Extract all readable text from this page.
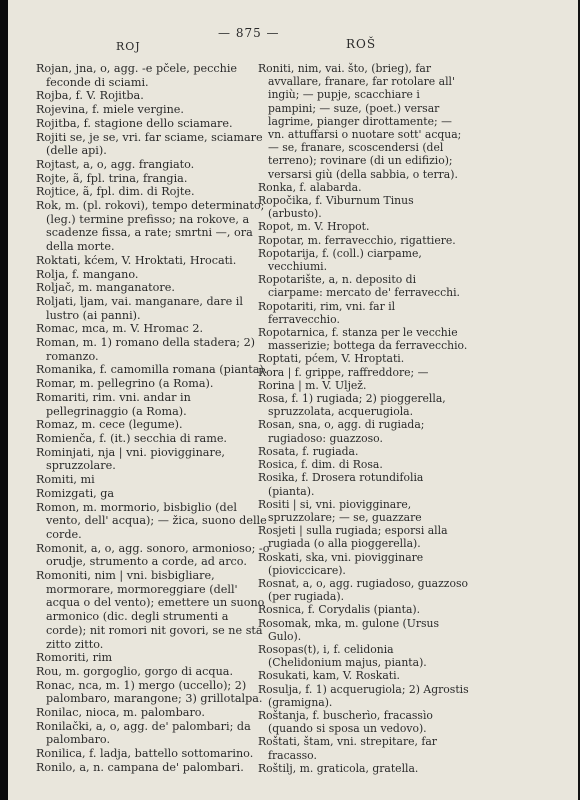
ROJ
— 875 —
ROŠ

Rojan, jna, o, agg. -e pčele, pecchie feconde di sciami.

Rojba, f. V. Rojitba.

Rojevina, f. miele vergine.

Rojitba, f. stagione dello sciamare.

Rojiti se, je se, vri. far sciame, sciamare (delle api).

Rojtast, a, o, agg. frangiato.

Rojte, ã, fpl. trina, frangia.

Rojtice, ã, fpl. dim. di Rojte.

Rok, m. (pl. rokovi), tempo determinato; (leg.) termine prefisso; na rokove, a scadenze fissa, a rate; smrtni —, ora della morte.

Roktati, kćem, V. Hroktati, Hrocati.

Rolja, f. mangano.

Roljač, m. manganatore.

Roljati, ljam, vai. manganare, dare il lustro (ai panni).

Romac, mca, m. V. Hromac 2.

Roman, m. 1) romano della stadera; 2) romanzo.

Romanika, f. camomilla romana (pianta).

Romar, m. pellegrino (a Roma).

Romariti, rim. vni. andar in pellegrinaggio (a Roma).

Romaz, m. cece (legume).

Romienča, f. (it.) secchia di rame.

Rominjati, nja | vni. piovigginare, spruzzolare.

Romiti, mi

Romizgati, ga

Romon, m. mormorio, bisbiglio (del vento, dell' acqua); — žica, suono delle corde.

Romonit, a, o, agg. sonoro, armonioso; -o orudje, strumento a corde, ad arco.

Romoniti, nim | vni. bisbigliare, mormorare, mormoreggiare (dell' acqua o del vento); emettere un suono armonico (dic. degli strumenti a corde); nit romori nit govori, se ne sta zitto zitto.

Romoriti, rim

Rou, m. gorgoglio, gorgo di acqua.

Ronac, nca, m. 1) mergo (uccello); 2) palombaro, marangone; 3) grillotalpa.

Ronilac, nioca, m. palombaro.

Ronilački, a, o, agg. de' palombari; da palombaro.

Ronilica, f. ladja, battello sottomarino.

Ronilo, a, n. campana de' palombari.

Roniti, nim, vai. što, (brieg), far avvallare, franare, far rotolare all' ingiù; — pupje, scacchiare i pampini; — suze, (poet.) versar lagrime, pianger dirottamente; — vn. attuffarsi o nuotare sott' acqua; — se, franare, scoscendersi (del terreno); rovinare (di un edifizio); versarsi giù (della sabbia, o terra).

Ronka, f. alabarda.

Ropočika, f. Viburnum Tinus (arbusto).

Ropot, m. V. Hropot.

Ropotar, m. ferravecchio, rigattiere.

Ropotarija, f. (coll.) ciarpame, vecchiumi.

Ropotarište, a, n. deposito di ciarpame: mercato de' ferravecchi.

Ropotariti, rim, vni. far il ferravecchio.

Ropotarnica, f. stanza per le vecchie masserizie; bottega da ferravecchio.

Roptati, pćem, V. Hroptati.

Rora | f. grippe, raffreddore; —

Rorina | m. V. Uljež.

Rosa, f. 1) rugiada; 2) pioggerella, spruzzolata, acquerugiola.

Rosan, sna, o, agg. di rugiada; rugiadoso: guazzoso.

Rosata, f. rugiada.

Rosica, f. dim. di Rosa.

Rosika, f. Drosera rotundifolia (pianta).

Rositi | si, vni. piovigginare, spruzzolare; — se, guazzare

Rosjeti | sulla rugiada; esporsi alla rugiada (o alla pioggerella).

Roskati, ska, vni. piovigginare (pioviccicare).

Rosnat, a, o, agg. rugiadoso, guazzoso (per rugiada).

Rosnica, f. Corydalis (pianta).

Rosomak, mka, m. gulone (Ursus Gulo).

Rosopas(t), i, f. celidonia (Chelidonium majus, pianta).

Rosukati, kam, V. Roskati.

Rosulja, f. 1) acquerugiola; 2) Agrostis (gramigna).

Roštanja, f. buscherìo, fracassìo (quando si sposa un vedovo).

Roštati, štam, vni. strepitare, far fracasso.

Roštilj, m. graticola, gratella.
